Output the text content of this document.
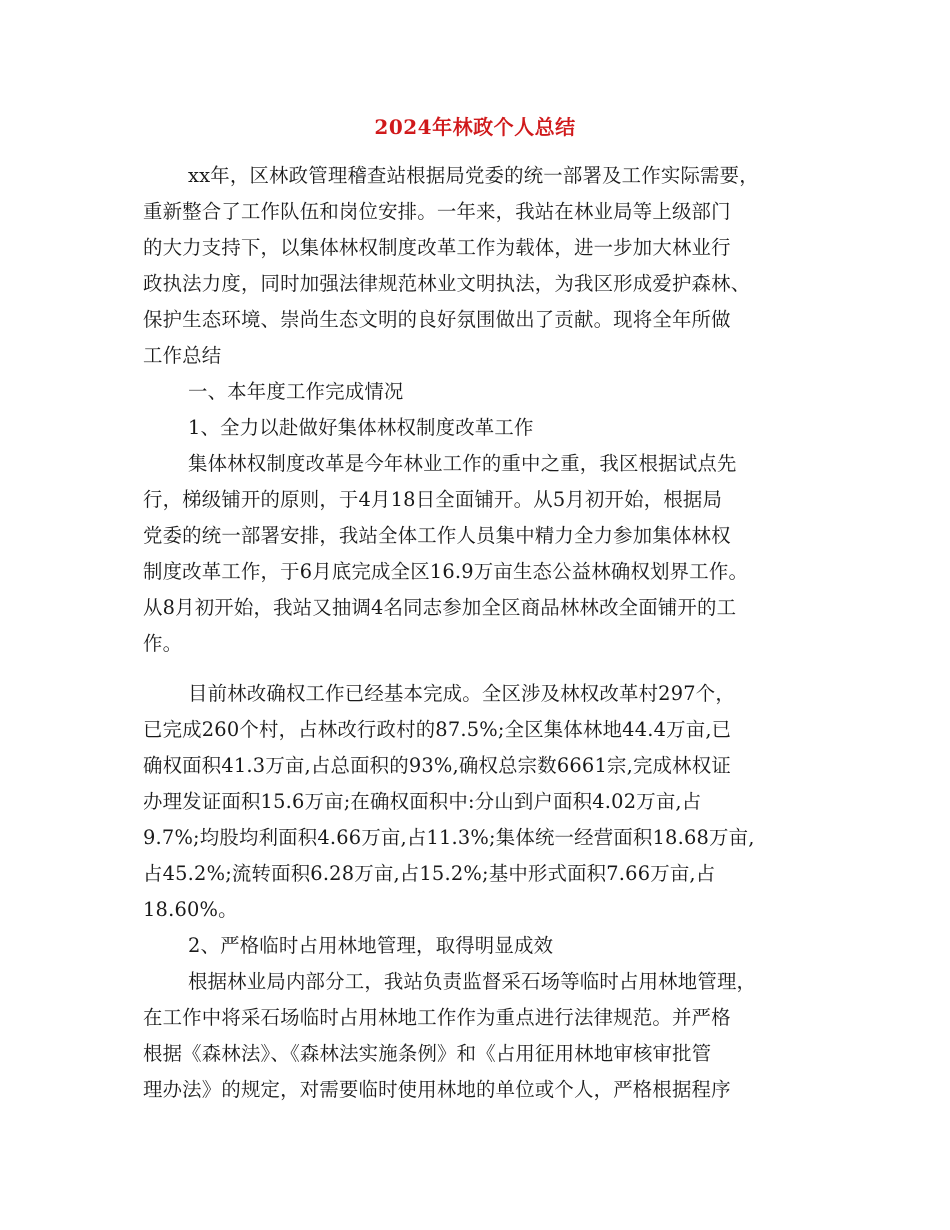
2024年林政个人总结
xx年，区林政管理稽查站根据局党委的统一部署及工作实际需要，
重新整合了工作队伍和岗位安排。一年来，我站在林业局等上级部门
的大力支持下，以集体林权制度改革工作为载体，进一步加大林业行
政执法力度，同时加强法律规范林业文明执法，为我区形成爱护森林、
保护生态环境、崇尚生态文明的良好氛围做出了贡献。现将全年所做
工作总结
一、本年度工作完成情况
1、全力以赴做好集体林权制度改革工作
集体林权制度改革是今年林业工作的重中之重，我区根据试点先
行，梯级铺开的原则，于4月18日全面铺开。从5月初开始，根据局
党委的统一部署安排，我站全体工作人员集中精力全力参加集体林权
制度改革工作，于6月底完成全区16.9万亩生态公益林确权划界工作。
从8月初开始，我站又抽调4名同志参加全区商品林林改全面铺开的工
作。
目前林改确权工作已经基本完成。全区涉及林权改革村297个，
已完成260个村，占林改行政村的87.5%;全区集体林地44.4万亩,已
确权面积41.3万亩,占总面积的93%,确权总宗数6661宗,完成林权证
办理发证面积15.6万亩;在确权面积中:分山到户面积4.02万亩,占
9.7%;均股均利面积4.66万亩,占11.3%;集体统一经营面积18.68万亩,
占45.2%;流转面积6.28万亩,占15.2%;基中形式面积7.66万亩,占
18.60%。
2、严格临时占用林地管理，取得明显成效
根据林业局内部分工，我站负责监督采石场等临时占用林地管理，
在工作中将采石场临时占用林地工作作为重点进行法律规范。并严格
根据《森林法》、《森林法实施条例》和《占用征用林地审核审批管
理办法》的规定，对需要临时使用林地的单位或个人，严格根据程序
